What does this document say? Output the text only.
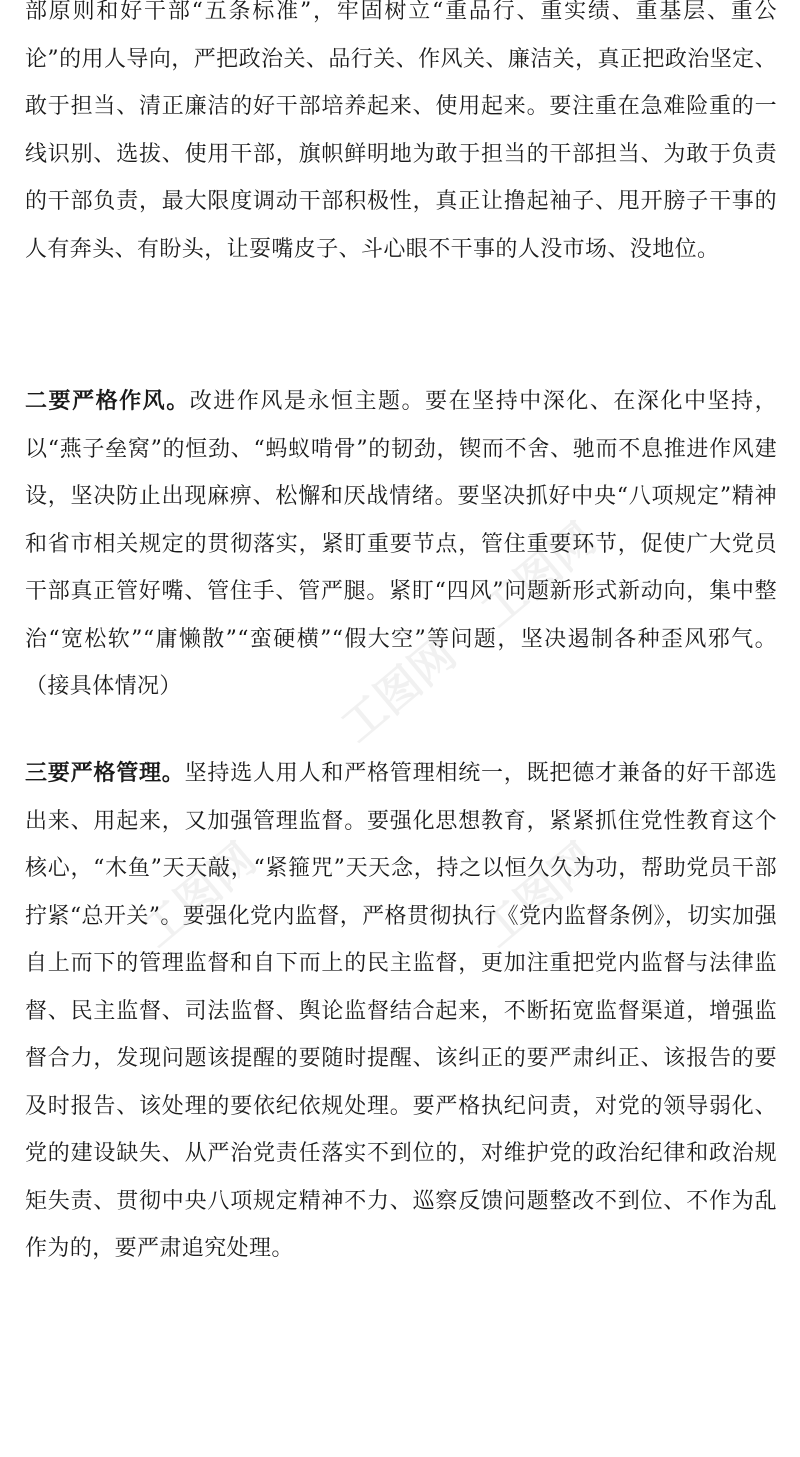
工图网
工图网
工图网	工图网

部原则和好干部“五条标准”，牢固树立“重品行、重实绩、重基层、重公论”的用人导向，严把政治关、品行关、作风关、廉洁关，真正把政治坚定、敢于担当、清正廉洁的好干部培养起来、使用起来。要注重在急难险重的一线识别、选拔、使用干部，旗帜鲜明地为敢于担当的干部担当、为敢于负责的干部负责，最大限度调动干部积极性，真正让撸起袖子、甩开膀子干事的人有奔头、有盼头，让耍嘴皮子、斗心眼不干事的人没市场、没地位。

二要严格作风。改进作风是永恒主题。要在坚持中深化、在深化中坚持，以“燕子垒窝”的恒劲、“蚂蚁啃骨”的韧劲，锲而不舍、驰而不息推进作风建设，坚决防止出现麻痹、松懈和厌战情绪。要坚决抓好中央“八项规定”精神和省市相关规定的贯彻落实，紧盯重要节点，管住重要环节，促使广大党员干部真正管好嘴、管住手、管严腿。紧盯“四风”问题新形式新动向，集中整治“宽松软”“庸懒散”“蛮硬横”“假大空”等问题，坚决遏制各种歪风邪气。（接具体情况）

三要严格管理。坚持选人用人和严格管理相统一，既把德才兼备的好干部选出来、用起来，又加强管理监督。要强化思想教育，紧紧抓住党性教育这个核心，“木鱼”天天敲，“紧箍咒”天天念，持之以恒久久为功，帮助党员干部拧紧“总开关”。要强化党内监督，严格贯彻执行《党内监督条例》，切实加强自上而下的管理监督和自下而上的民主监督，更加注重把党内监督与法律监督、民主监督、司法监督、舆论监督结合起来，不断拓宽监督渠道，增强监督合力，发现问题该提醒的要随时提醒、该纠正的要严肃纠正、该报告的要及时报告、该处理的要依纪依规处理。要严格执纪问责，对党的领导弱化、党的建设缺失、从严治党责任落实不到位的，对维护党的政治纪律和政治规矩失责、贯彻中央八项规定精神不力、巡察反馈问题整改不到位、不作为乱作为的，要严肃追究处理。
